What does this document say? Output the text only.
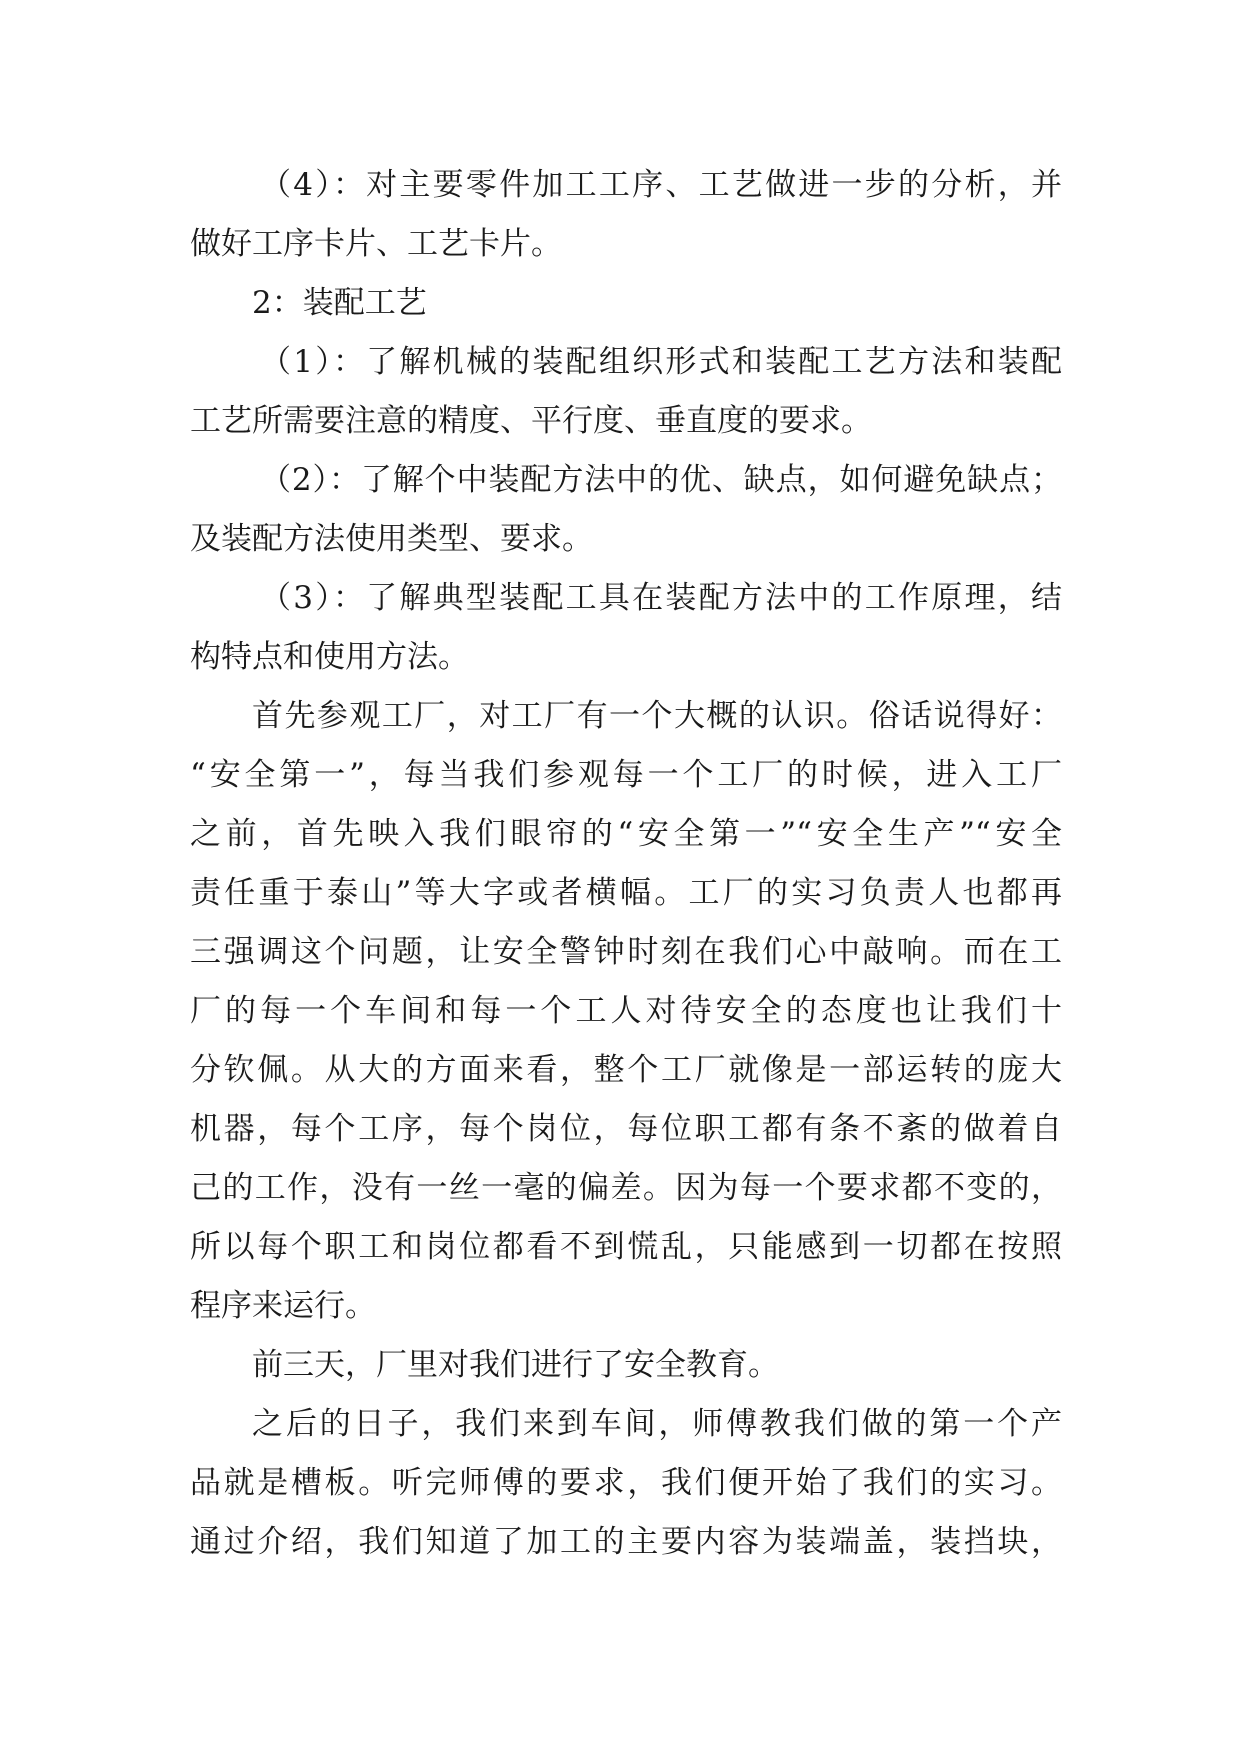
（4）：对主要零件加工工序、工艺做进一步的分析，并
做好工序卡片、工艺卡片。
2：装配工艺
（1）：了解机械的装配组织形式和装配工艺方法和装配
工艺所需要注意的精度、平行度、垂直度的要求。
（2）：了解个中装配方法中的优、缺点，如何避免缺点；
及装配方法使用类型、要求。
（3）：了解典型装配工具在装配方法中的工作原理，结
构特点和使用方法。
首先参观工厂，对工厂有一个大概的认识。俗话说得好：
“安全第一”，每当我们参观每一个工厂的时候，进入工厂
之前，首先映入我们眼帘的“安全第一”“安全生产”“安全
责任重于泰山”等大字或者横幅。工厂的实习负责人也都再
三强调这个问题，让安全警钟时刻在我们心中敲响。而在工
厂的每一个车间和每一个工人对待安全的态度也让我们十
分钦佩。从大的方面来看，整个工厂就像是一部运转的庞大
机器，每个工序，每个岗位，每位职工都有条不紊的做着自
己的工作，没有一丝一毫的偏差。因为每一个要求都不变的，
所以每个职工和岗位都看不到慌乱，只能感到一切都在按照
程序来运行。
前三天，厂里对我们进行了安全教育。
之后的日子，我们来到车间，师傅教我们做的第一个产
品就是槽板。听完师傅的要求，我们便开始了我们的实习。
通过介绍，我们知道了加工的主要内容为装端盖，装挡块，
